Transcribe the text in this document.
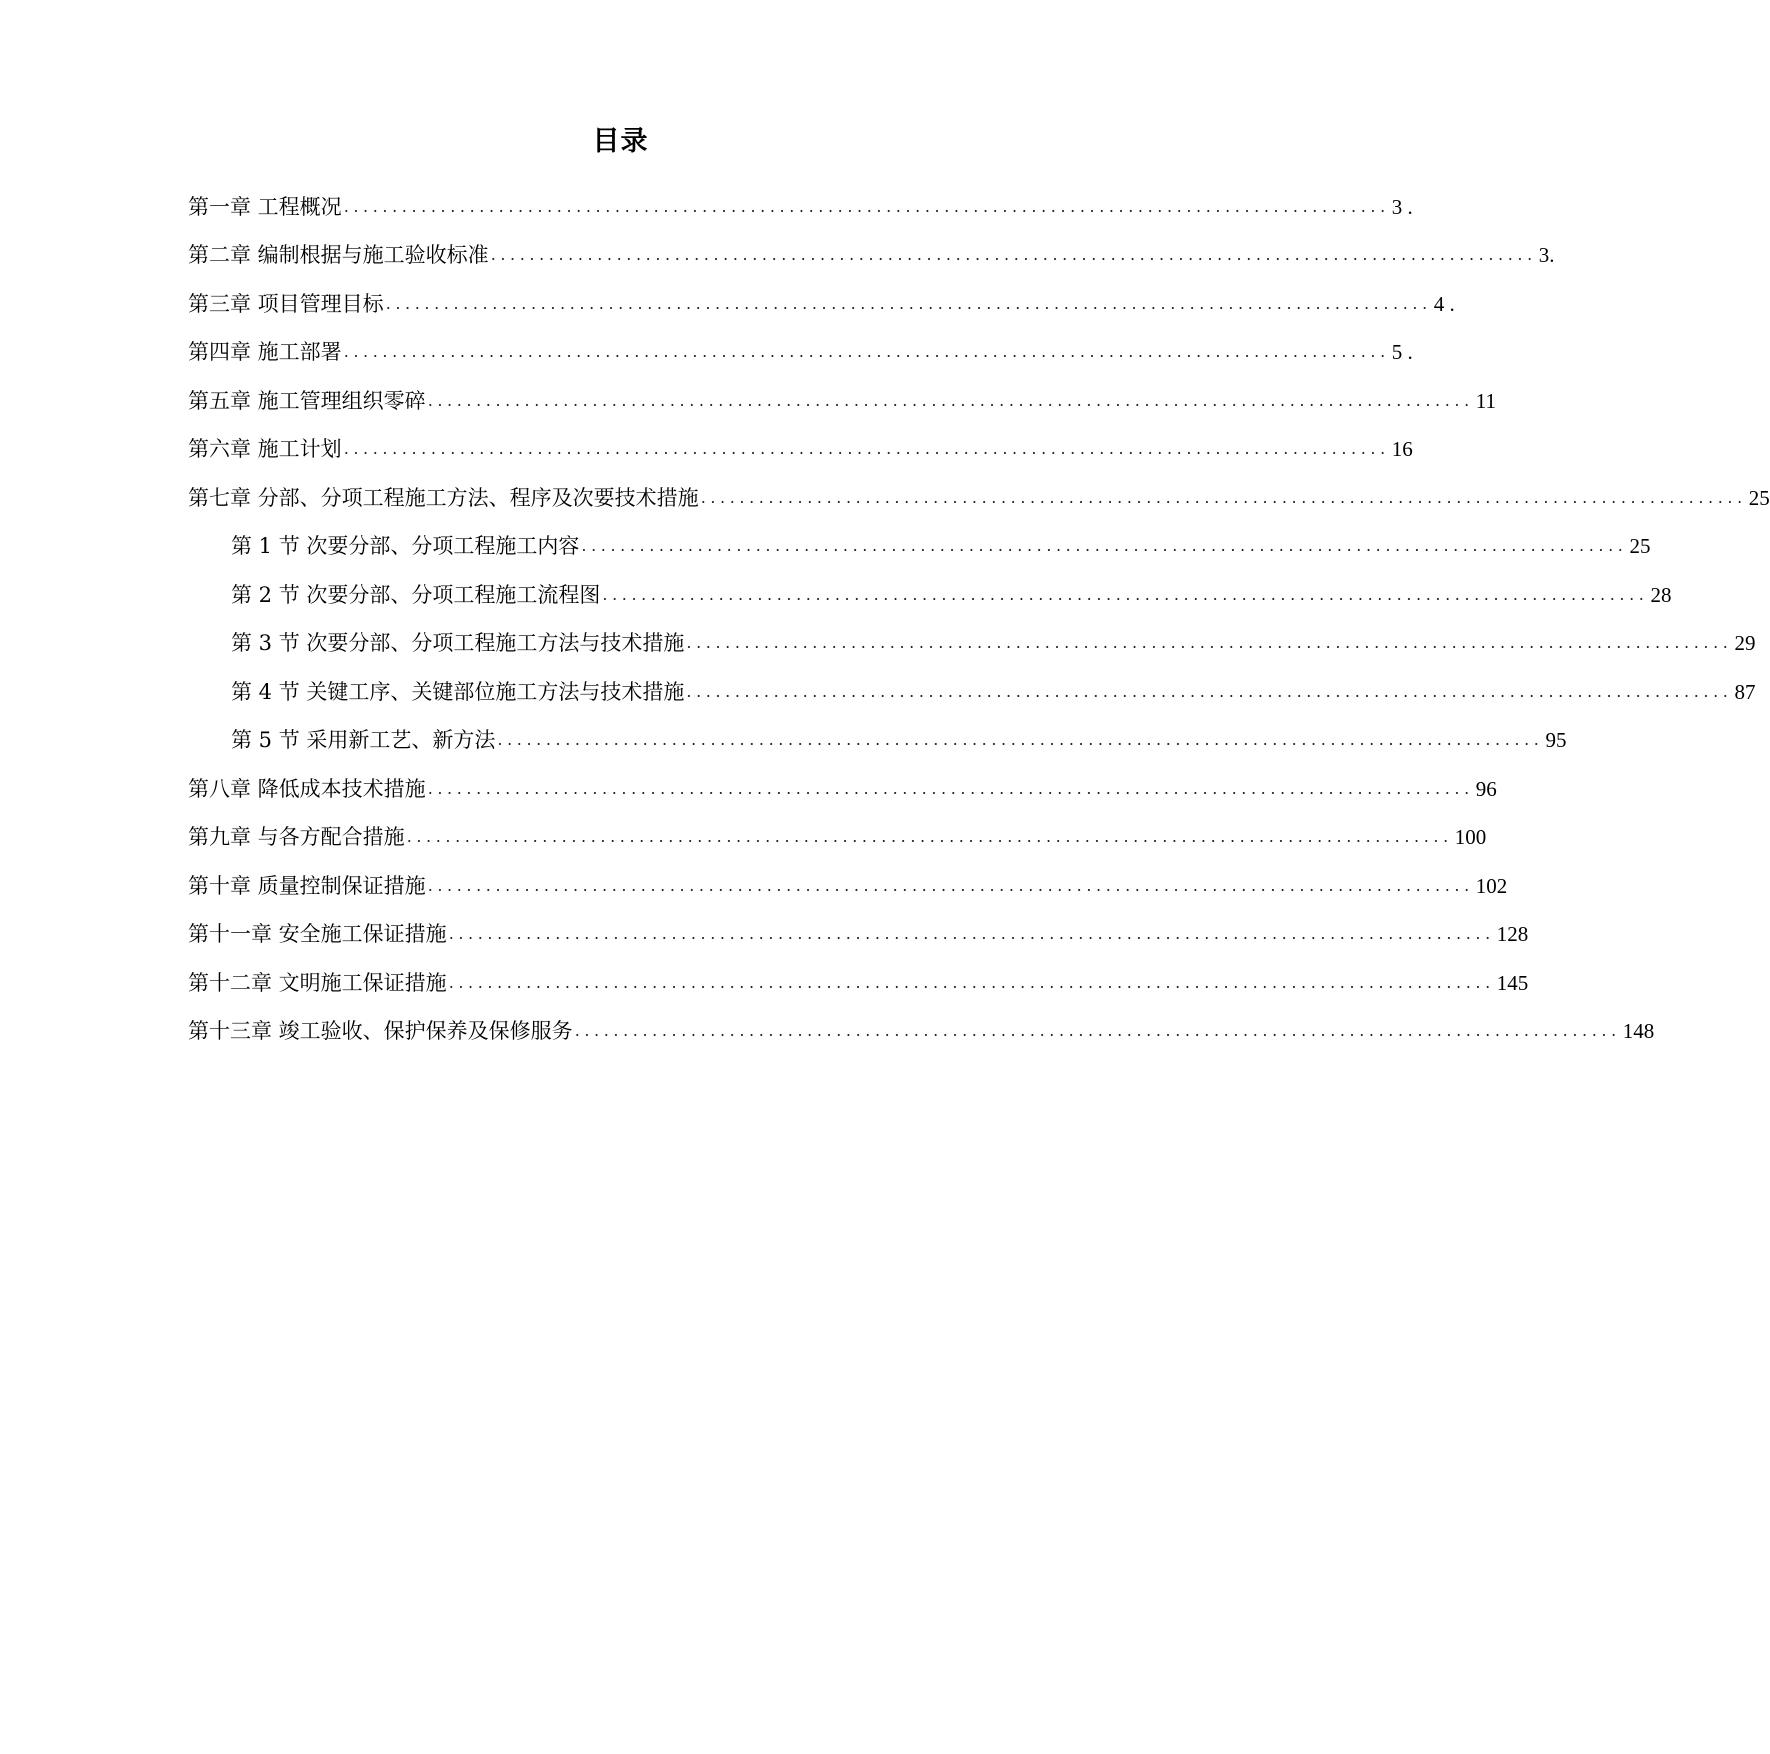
目录
第一章 工程概况 ............................................................................................................ 3 .
第二章 编制根据与施工验收标准 ............................................................................................................ 3.
第三章 项目管理目标 ............................................................................................................ 4 .
第四章 施工部署 ............................................................................................................ 5 .
第五章 施工管理组织零碎 ............................................................................................................ 11
第六章 施工计划 ............................................................................................................ 16
第七章 分部、分项工程施工方法、程序及次要技术措施 ............................................................................................................ 25
第 1 节 次要分部、分项工程施工内容 ............................................................................................................ 25
第 2 节 次要分部、分项工程施工流程图 ............................................................................................................ 28
第 3 节 次要分部、分项工程施工方法与技术措施 ............................................................................................................ 29
第 4 节 关键工序、关键部位施工方法与技术措施 ............................................................................................................ 87
第 5 节 采用新工艺、新方法 ............................................................................................................ 95
第八章 降低成本技术措施 ............................................................................................................ 96
第九章 与各方配合措施 ............................................................................................................ 100
第十章 质量控制保证措施 ............................................................................................................ 102
第十一章 安全施工保证措施 ............................................................................................................ 128
第十二章 文明施工保证措施 ............................................................................................................ 145
第十三章 竣工验收、保护保养及保修服务 ............................................................................................................ 148
